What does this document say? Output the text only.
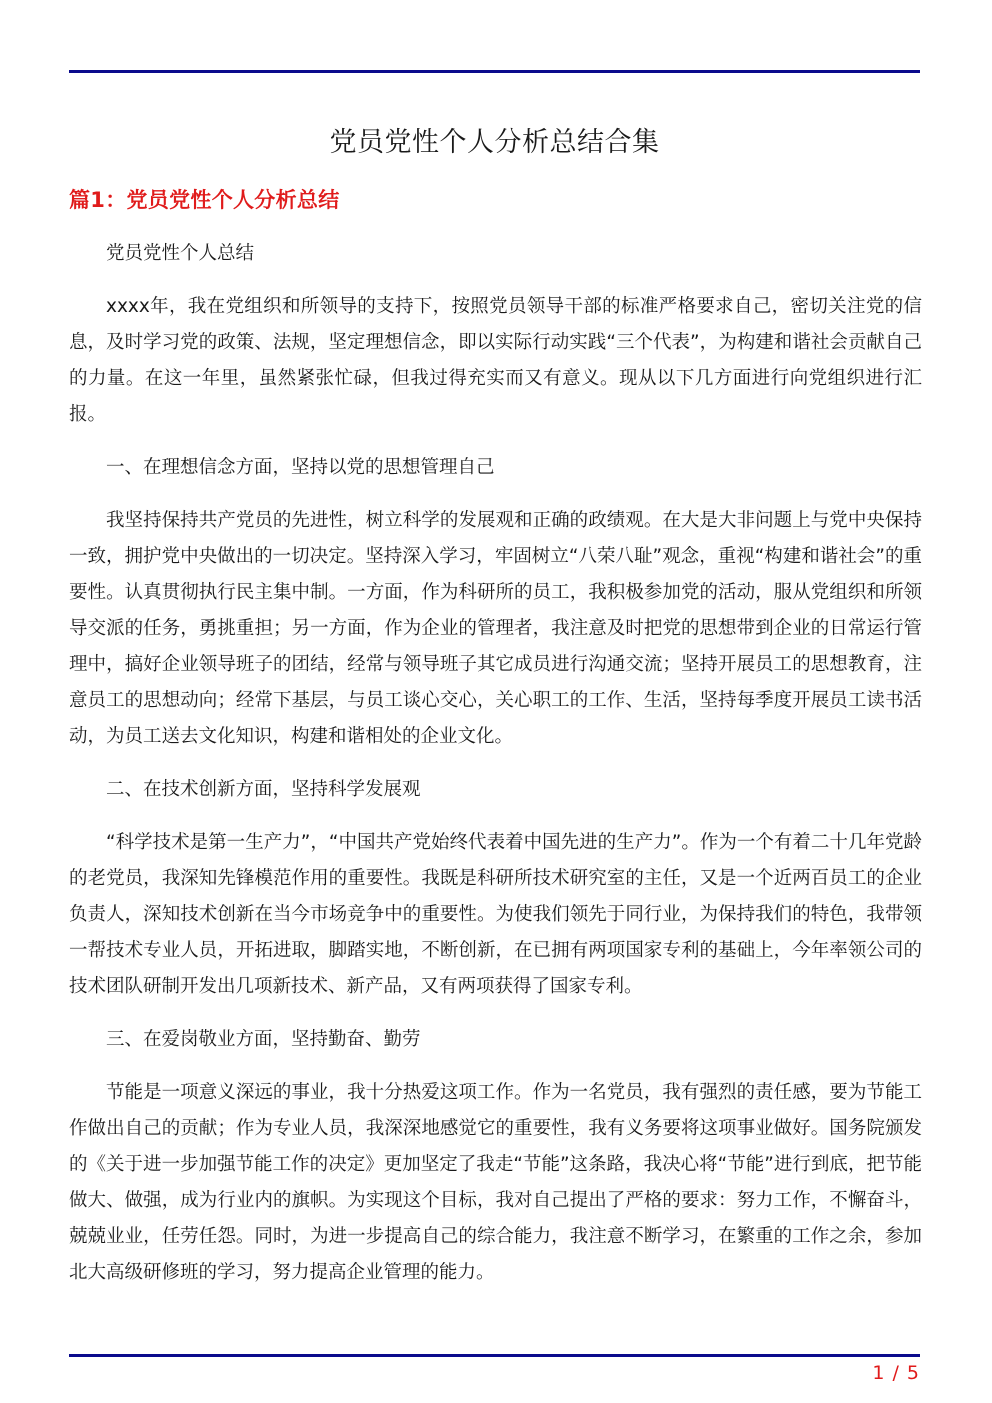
党员党性个人分析总结合集
篇1：党员党性个人分析总结

党员党性个人总结

xxxx年，我在党组织和所领导的支持下，按照党员领导干部的标准严格要求自己，密切关注党的信息，及时学习党的政策、法规，坚定理想信念，即以实际行动实践“三个代表”，为构建和谐社会贡献自己的力量。在这一年里，虽然紧张忙碌，但我过得充实而又有意义。现从以下几方面进行向党组织进行汇报。

一、在理想信念方面，坚持以党的思想管理自己

我坚持保持共产党员的先进性，树立科学的发展观和正确的政绩观。在大是大非问题上与党中央保持一致，拥护党中央做出的一切决定。坚持深入学习，牢固树立“八荣八耻”观念，重视“构建和谐社会”的重要性。认真贯彻执行民主集中制。一方面，作为科研所的员工，我积极参加党的活动，服从党组织和所领导交派的任务，勇挑重担；另一方面，作为企业的管理者，我注意及时把党的思想带到企业的日常运行管理中，搞好企业领导班子的团结，经常与领导班子其它成员进行沟通交流；坚持开展员工的思想教育，注意员工的思想动向；经常下基层，与员工谈心交心，关心职工的工作、生活，坚持每季度开展员工读书活动，为员工送去文化知识，构建和谐相处的企业文化。

二、在技术创新方面，坚持科学发展观

“科学技术是第一生产力”，“中国共产党始终代表着中国先进的生产力”。作为一个有着二十几年党龄的老党员，我深知先锋模范作用的重要性。我既是科研所技术研究室的主任，又是一个近两百员工的企业负责人，深知技术创新在当今市场竞争中的重要性。为使我们领先于同行业，为保持我们的特色，我带领一帮技术专业人员，开拓进取，脚踏实地，不断创新，在已拥有两项国家专利的基础上，今年率领公司的技术团队研制开发出几项新技术、新产品，又有两项获得了国家专利。

三、在爱岗敬业方面，坚持勤奋、勤劳

节能是一项意义深远的事业，我十分热爱这项工作。作为一名党员，我有强烈的责任感，要为节能工作做出自己的贡献；作为专业人员，我深深地感觉它的重要性，我有义务要将这项事业做好。国务院颁发的《关于进一步加强节能工作的决定》更加坚定了我走“节能”这条路，我决心将“节能”进行到底，把节能做大、做强，成为行业内的旗帜。为实现这个目标，我对自己提出了严格的要求：努力工作，不懈奋斗，兢兢业业，任劳任怨。同时，为进一步提高自己的综合能力，我注意不断学习，在繁重的工作之余，参加北大高级研修班的学习，努力提高企业管理的能力。

1 / 5
